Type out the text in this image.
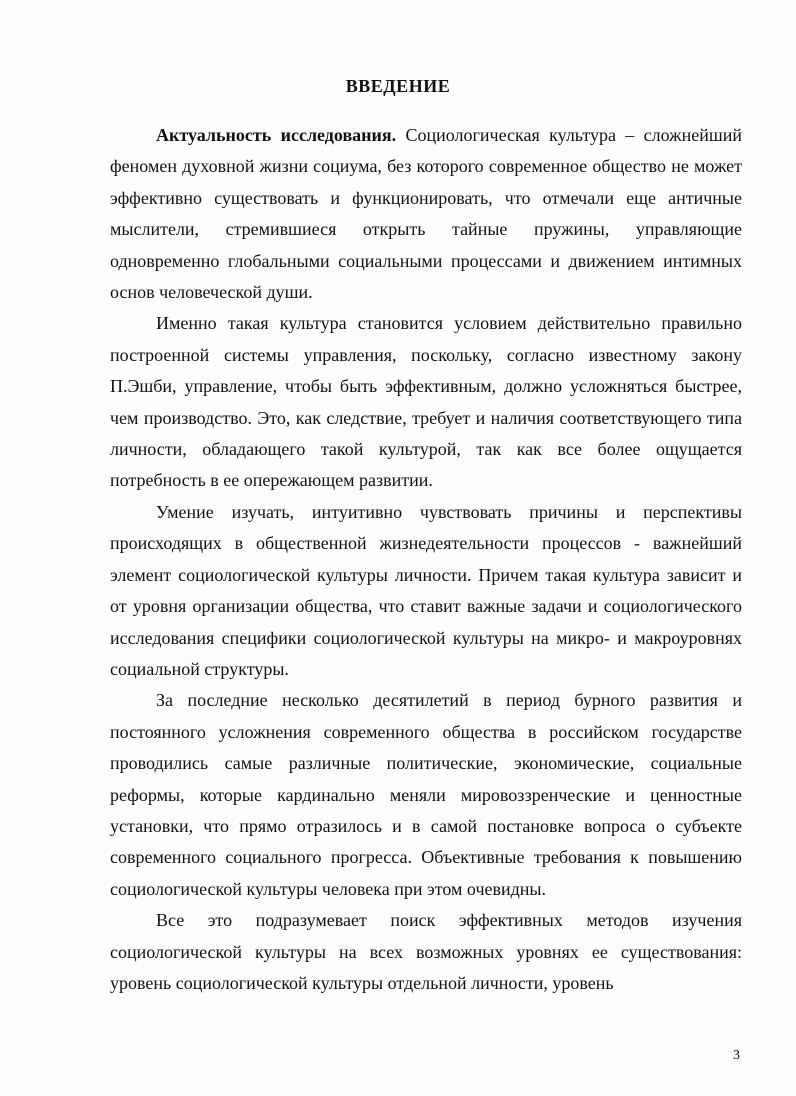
ВВЕДЕНИЕ

Актуальность исследования. Социологическая культура – сложнейший феномен духовной жизни социума, без которого современное общество не может эффективно существовать и функционировать, что отмечали еще античные мыслители, стремившиеся открыть тайные пружины, управляющие одновременно глобальными социальными процессами и движением интимных основ человеческой души.

Именно такая культура становится условием действительно правильно построенной системы управления, поскольку, согласно известному закону П.Эшби, управление, чтобы быть эффективным, должно усложняться быстрее, чем производство. Это, как следствие, требует и наличия соответствующего типа личности, обладающего такой культурой, так как все более ощущается потребность в ее опережающем развитии.

Умение изучать, интуитивно чувствовать причины и перспективы происходящих в общественной жизнедеятельности процессов - важнейший элемент социологической культуры личности. Причем такая культура зависит и от уровня организации общества, что ставит важные задачи и социологического исследования специфики социологической культуры на микро- и макроуровнях социальной структуры.

За последние несколько десятилетий в период бурного развития и постоянного усложнения современного общества в российском государстве проводились самые различные политические, экономические, социальные реформы, которые кардинально меняли мировоззренческие и ценностные установки, что прямо отразилось и в самой постановке вопроса о субъекте современного социального прогресса. Объективные требования к повышению социологической культуры человека при этом очевидны.

Все это подразумевает поиск эффективных методов изучения социологической культуры на всех возможных уровнях ее существования: уровень социологической культуры отдельной личности, уровень

3
